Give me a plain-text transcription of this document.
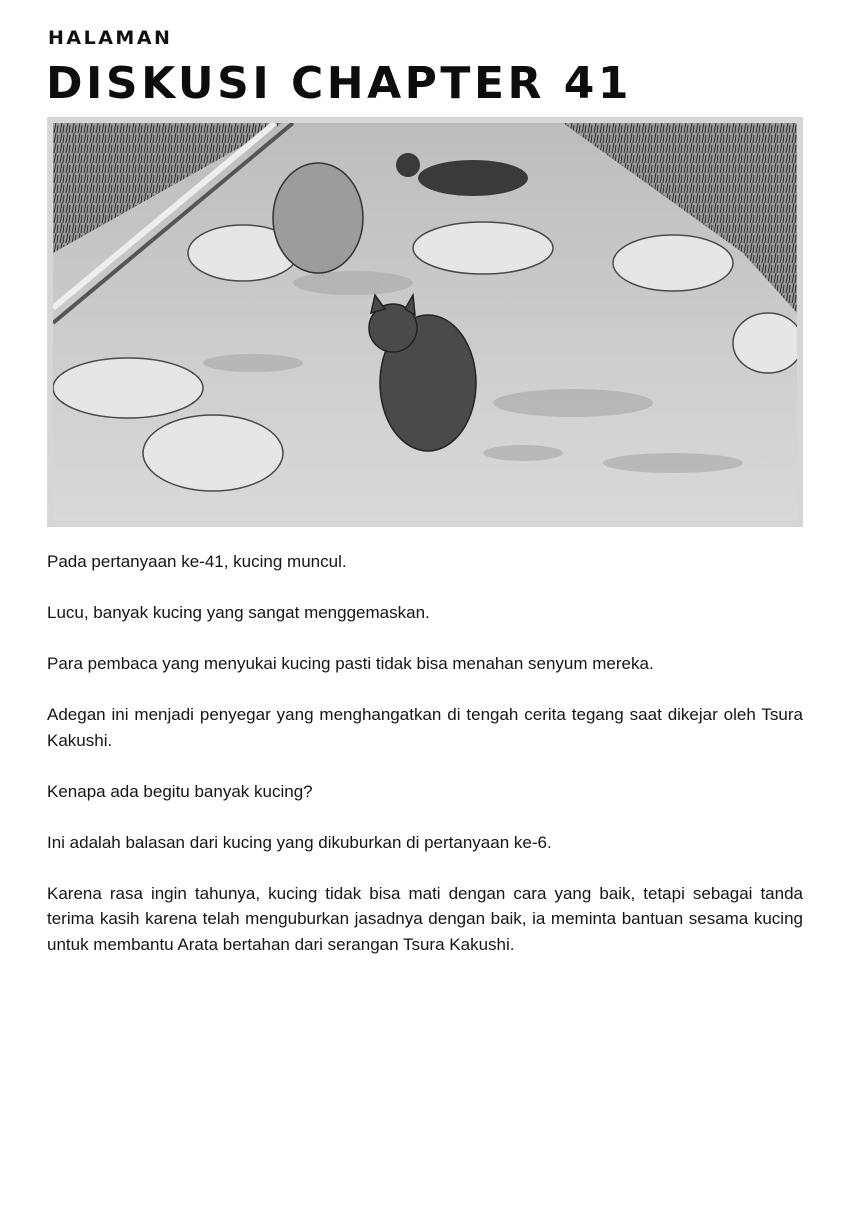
HALAMAN
DISKUSI CHAPTER 41

Pada pertanyaan ke-41, kucing muncul.

Lucu, banyak kucing yang sangat menggemaskan.

Para pembaca yang menyukai kucing pasti tidak bisa menahan senyum mereka.

Adegan ini menjadi penyegar yang menghangatkan di tengah cerita tegang saat dikejar oleh Tsura Kakushi.

Kenapa ada begitu banyak kucing?

Ini adalah balasan dari kucing yang dikuburkan di pertanyaan ke-6.

Karena rasa ingin tahunya, kucing tidak bisa mati dengan cara yang baik, tetapi sebagai tanda terima kasih karena telah menguburkan jasadnya dengan baik, ia meminta bantuan sesama kucing untuk membantu Arata bertahan dari serangan Tsura Kakushi.
